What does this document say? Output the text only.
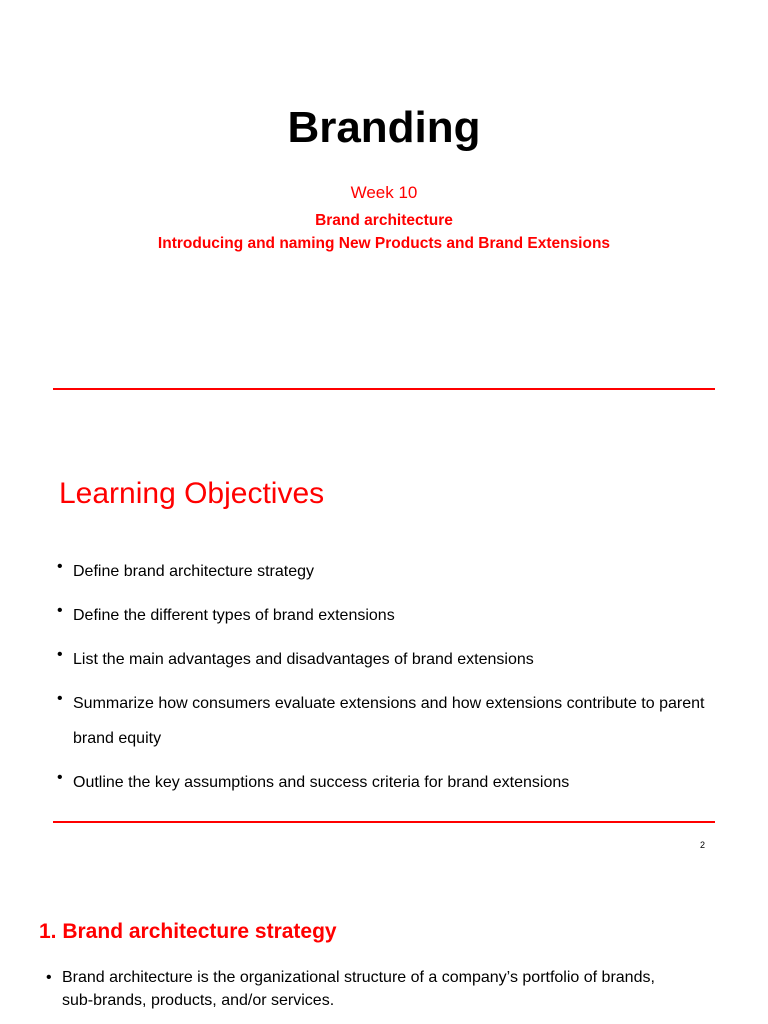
Branding
Week 10
Brand architecture
Introducing and naming New Products and Brand Extensions
Learning Objectives
• Define brand architecture strategy
• Define the different types of brand extensions
• List the main advantages and disadvantages of brand extensions
• Summarize how consumers evaluate extensions and how extensions contribute to parent brand equity
• Outline the key assumptions and success criteria for brand extensions
2
1. Brand architecture strategy
• Brand architecture is the organizational structure of a company’s portfolio of brands, sub-brands, products, and/or services.
